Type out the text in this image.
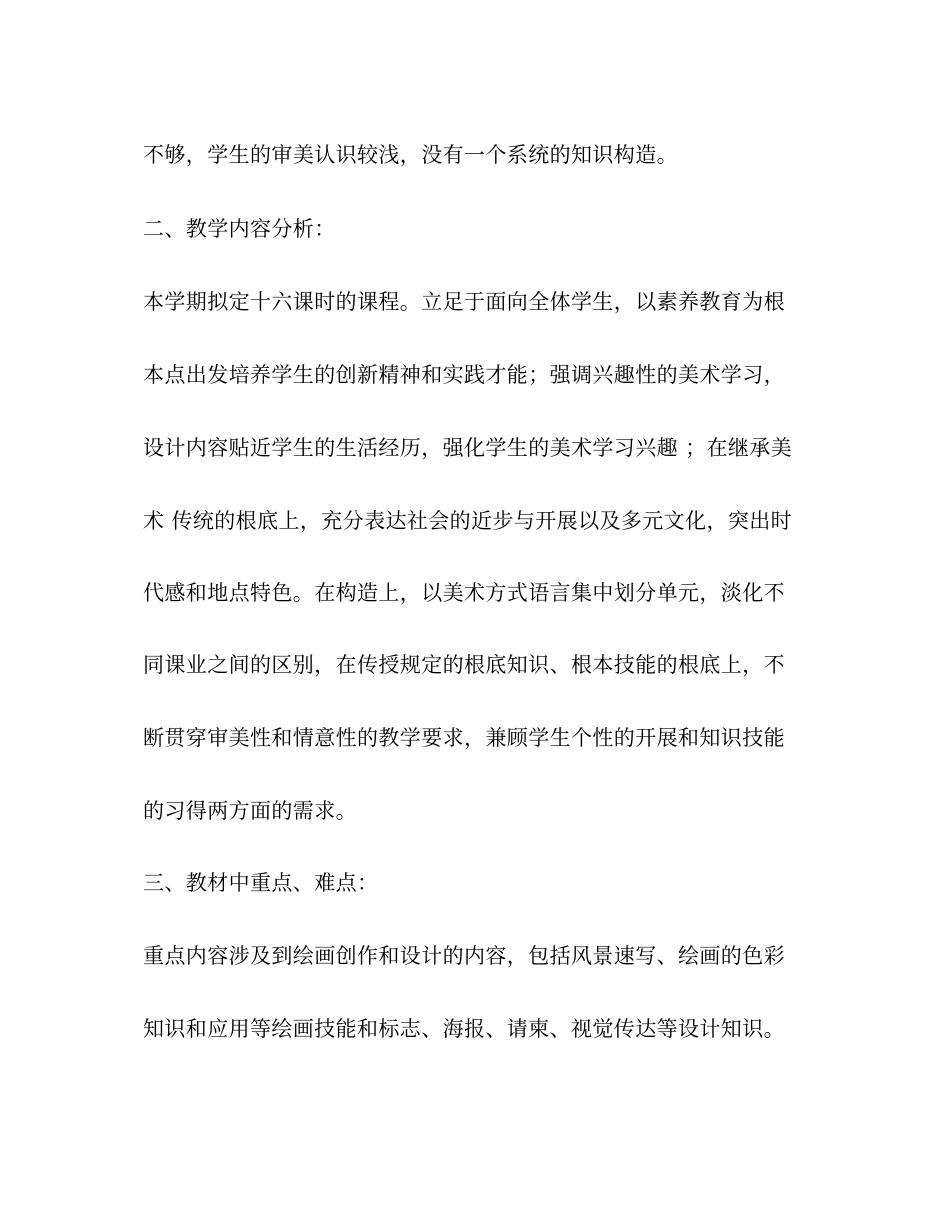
不够，学生的审美认识较浅，没有一个系统的知识构造。
二、教学内容分析：
本学期拟定十六课时的课程。立足于面向全体学生，以素养教育为根
本点出发培养学生的创新精神和实践才能；强调兴趣性的美术学习，
设计内容贴近学生的生活经历，强化学生的美术学习兴趣 ；在继承美
术 传统的根底上，充分表达社会的近步与开展以及多元文化，突出时
代感和地点特色。在构造上，以美术方式语言集中划分单元，淡化不
同课业之间的区别，在传授规定的根底知识、根本技能的根底上，不
断贯穿审美性和情意性的教学要求，兼顾学生个性的开展和知识技能
的习得两方面的需求。
三、教材中重点、难点：
重点内容涉及到绘画创作和设计的内容，包括风景速写、绘画的色彩
知识和应用等绘画技能和标志、海报、请柬、视觉传达等设计知识。
